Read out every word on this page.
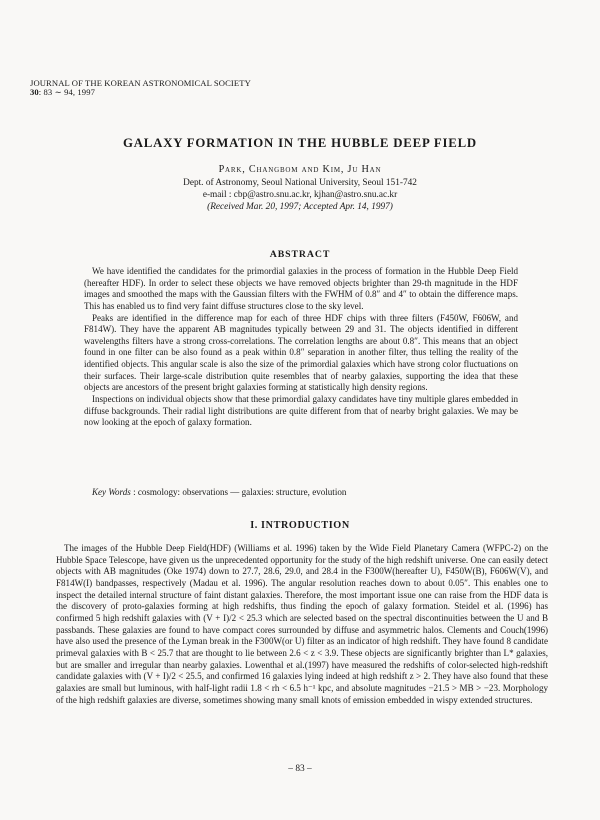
JOURNAL OF THE KOREAN ASTRONOMICAL SOCIETY
30: 83 ∼ 94, 1997
GALAXY FORMATION IN THE HUBBLE DEEP FIELD
Park, Changbom and Kim, Ju Han
Dept. of Astronomy, Seoul National University, Seoul 151-742
e-mail : cbp@astro.snu.ac.kr, kjhan@astro.snu.ac.kr
(Received Mar. 20, 1997; Accepted Apr. 14, 1997)
ABSTRACT

We have identified the candidates for the primordial galaxies in the process of formation in the Hubble Deep Field (hereafter HDF). In order to select these objects we have removed objects brighter than 29-th magnitude in the HDF images and smoothed the maps with the Gaussian filters with the FWHM of 0.8″ and 4″ to obtain the difference maps. This has enabled us to find very faint diffuse structures close to the sky level.

Peaks are identified in the difference map for each of three HDF chips with three filters (F450W, F606W, and F814W). They have the apparent AB magnitudes typically between 29 and 31. The objects identified in different wavelengths filters have a strong cross-correlations. The correlation lengths are about 0.8″. This means that an object found in one filter can be also found as a peak within 0.8″ separation in another filter, thus telling the reality of the identified objects. This angular scale is also the size of the primordial galaxies which have strong color fluctuations on their surfaces. Their large-scale distribution quite resembles that of nearby galaxies, supporting the idea that these objects are ancestors of the present bright galaxies forming at statistically high density regions.

Inspections on individual objects show that these primordial galaxy candidates have tiny multiple glares embedded in diffuse backgrounds. Their radial light distributions are quite different from that of nearby bright galaxies. We may be now looking at the epoch of galaxy formation.

Key Words : cosmology: observations — galaxies: structure, evolution
I. INTRODUCTION

The images of the Hubble Deep Field(HDF) (Williams et al. 1996) taken by the Wide Field Planetary Camera (WFPC-2) on the Hubble Space Telescope, have given us the unprecedented opportunity for the study of the high redshift universe. One can easily detect objects with AB magnitudes (Oke 1974) down to 27.7, 28.6, 29.0, and 28.4 in the F300W(hereafter U), F450W(B), F606W(V), and F814W(I) bandpasses, respectively (Madau et al. 1996). The angular resolution reaches down to about 0.05″. This enables one to inspect the detailed internal structure of faint distant galaxies. Therefore, the most important issue one can raise from the HDF data is the discovery of proto-galaxies forming at high redshifts, thus finding the epoch of galaxy formation. Steidel et al. (1996) has confirmed 5 high redshift galaxies with (V + I)/2 < 25.3 which are selected based on the spectral discontinuities between the U and B passbands. These galaxies are found to have compact cores surrounded by diffuse and asymmetric halos. Clements and Couch(1996) have also used the presence of the Lyman break in the F300W(or U) filter as an indicator of high redshift. They have found 8 candidate primeval galaxies with B < 25.7 that are thought to lie between 2.6 < z < 3.9. These objects are significantly brighter than L* galaxies, but are smaller and irregular than nearby galaxies. Lowenthal et al.(1997) have measured the redshifts of color-selected high-redshift candidate galaxies with (V + I)/2 < 25.5, and confirmed 16 galaxies lying indeed at high redshift z > 2. They have also found that these galaxies are small but luminous, with half-light radii 1.8 < rh < 6.5 h⁻¹ kpc, and absolute magnitudes −21.5 > MB > −23. Morphology of the high redshift galaxies are diverse, sometimes showing many small knots of emission embedded in wispy extended structures.

– 83 –
